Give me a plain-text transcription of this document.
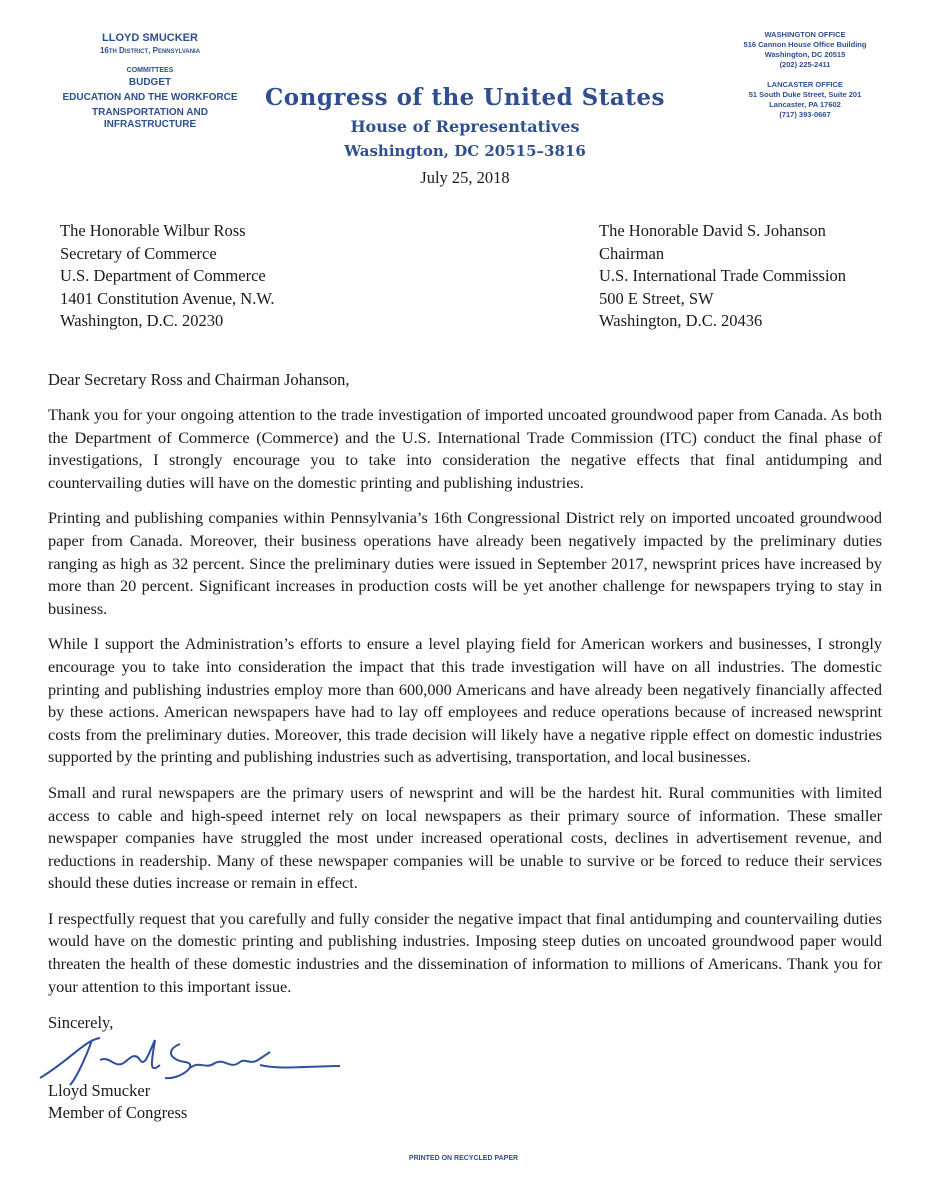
LLOYD SMUCKER
16th District, Pennsylvania
COMMITTEES
BUDGET
EDUCATION AND THE WORKFORCE
TRANSPORTATION AND INFRASTRUCTURE
WASHINGTON OFFICE
516 Cannon House Office Building
Washington, DC 20515
(202) 225-2411
LANCASTER OFFICE
51 South Duke Street, Suite 201
Lancaster, PA 17602
(717) 393-0667
Congress of the United States
House of Representatives
Washington, DC 20515–3816
July 25, 2018
The Honorable Wilbur Ross
Secretary of Commerce
U.S. Department of Commerce
1401 Constitution Avenue, N.W.
Washington, D.C. 20230
The Honorable David S. Johanson
Chairman
U.S. International Trade Commission
500 E Street, SW
Washington, D.C. 20436
Dear Secretary Ross and Chairman Johanson,

Thank you for your ongoing attention to the trade investigation of imported uncoated groundwood paper from Canada. As both the Department of Commerce (Commerce) and the U.S. International Trade Commission (ITC) conduct the final phase of investigations, I strongly encourage you to take into consideration the negative effects that final antidumping and countervailing duties will have on the domestic printing and publishing industries.

Printing and publishing companies within Pennsylvania’s 16th Congressional District rely on imported uncoated groundwood paper from Canada. Moreover, their business operations have already been negatively impacted by the preliminary duties ranging as high as 32 percent. Since the preliminary duties were issued in September 2017, newsprint prices have increased by more than 20 percent. Significant increases in production costs will be yet another challenge for newspapers trying to stay in business.

While I support the Administration’s efforts to ensure a level playing field for American workers and businesses, I strongly encourage you to take into consideration the impact that this trade investigation will have on all industries. The domestic printing and publishing industries employ more than 600,000 Americans and have already been negatively financially affected by these actions. American newspapers have had to lay off employees and reduce operations because of increased newsprint costs from the preliminary duties. Moreover, this trade decision will likely have a negative ripple effect on domestic industries supported by the printing and publishing industries such as advertising, transportation, and local businesses.

Small and rural newspapers are the primary users of newsprint and will be the hardest hit. Rural communities with limited access to cable and high-speed internet rely on local newspapers as their primary source of information. These smaller newspaper companies have struggled the most under increased operational costs, declines in advertisement revenue, and reductions in readership. Many of these newspaper companies will be unable to survive or be forced to reduce their services should these duties increase or remain in effect.

I respectfully request that you carefully and fully consider the negative impact that final antidumping and countervailing duties would have on the domestic printing and publishing industries. Imposing steep duties on uncoated groundwood paper would threaten the health of these domestic industries and the dissemination of information to millions of Americans. Thank you for your attention to this important issue.

Sincerely,
Lloyd Smucker
Member of Congress
PRINTED ON RECYCLED PAPER
